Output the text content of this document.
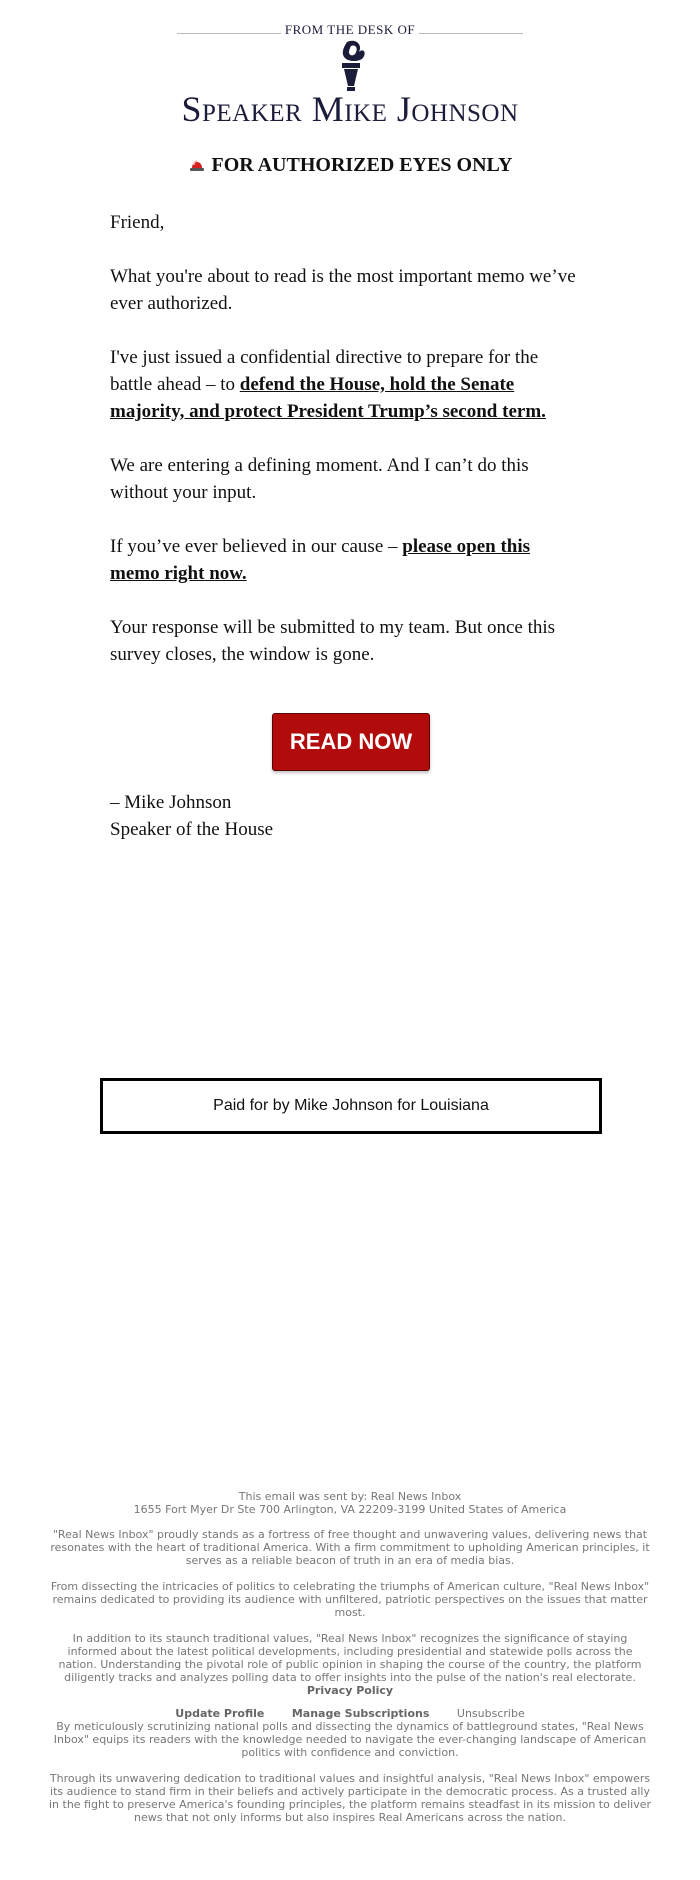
FROM THE DESK OF
Speaker Mike Johnson
FOR AUTHORIZED EYES ONLY

Friend,

What you're about to read is the most important memo we’ve ever authorized.

I've just issued a confidential directive to prepare for the battle ahead – to defend the House, hold the Senate majority, and protect President Trump’s second term.

We are entering a defining moment. And I can’t do this without your input.

If you’ve ever believed in our cause – please open this memo right now.

Your response will be submitted to my team. But once this survey closes, the window is gone.

READ NOW
– Mike Johnson
Speaker of the House
Paid for by Mike Johnson for Louisiana

This email was sent by: Real News Inbox
1655 Fort Myer Dr Ste 700 Arlington, VA 22209-3199 United States of America

"Real News Inbox" proudly stands as a fortress of free thought and unwavering values, delivering news that resonates with the heart of traditional America. With a firm commitment to upholding American principles, it serves as a reliable beacon of truth in an era of media bias.

From dissecting the intricacies of politics to celebrating the triumphs of American culture, "Real News Inbox" remains dedicated to providing its audience with unfiltered, patriotic perspectives on the issues that matter most.

In addition to its staunch traditional values, "Real News Inbox" recognizes the significance of staying informed about the latest political developments, including presidential and statewide polls across the nation. Understanding the pivotal role of public opinion in shaping the course of the country, the platform diligently tracks and analyzes polling data to offer insights into the pulse of the nation's real electorate.
Privacy Policy

Update Profile	Manage Subscriptions	Unsubscribe

By meticulously scrutinizing national polls and dissecting the dynamics of battleground states, "Real News Inbox" equips its readers with the knowledge needed to navigate the ever-changing landscape of American politics with confidence and conviction.

Through its unwavering dedication to traditional values and insightful analysis, "Real News Inbox" empowers its audience to stand firm in their beliefs and actively participate in the democratic process. As a trusted ally in the fight to preserve America's founding principles, the platform remains steadfast in its mission to deliver news that not only informs but also inspires Real Americans across the nation.
